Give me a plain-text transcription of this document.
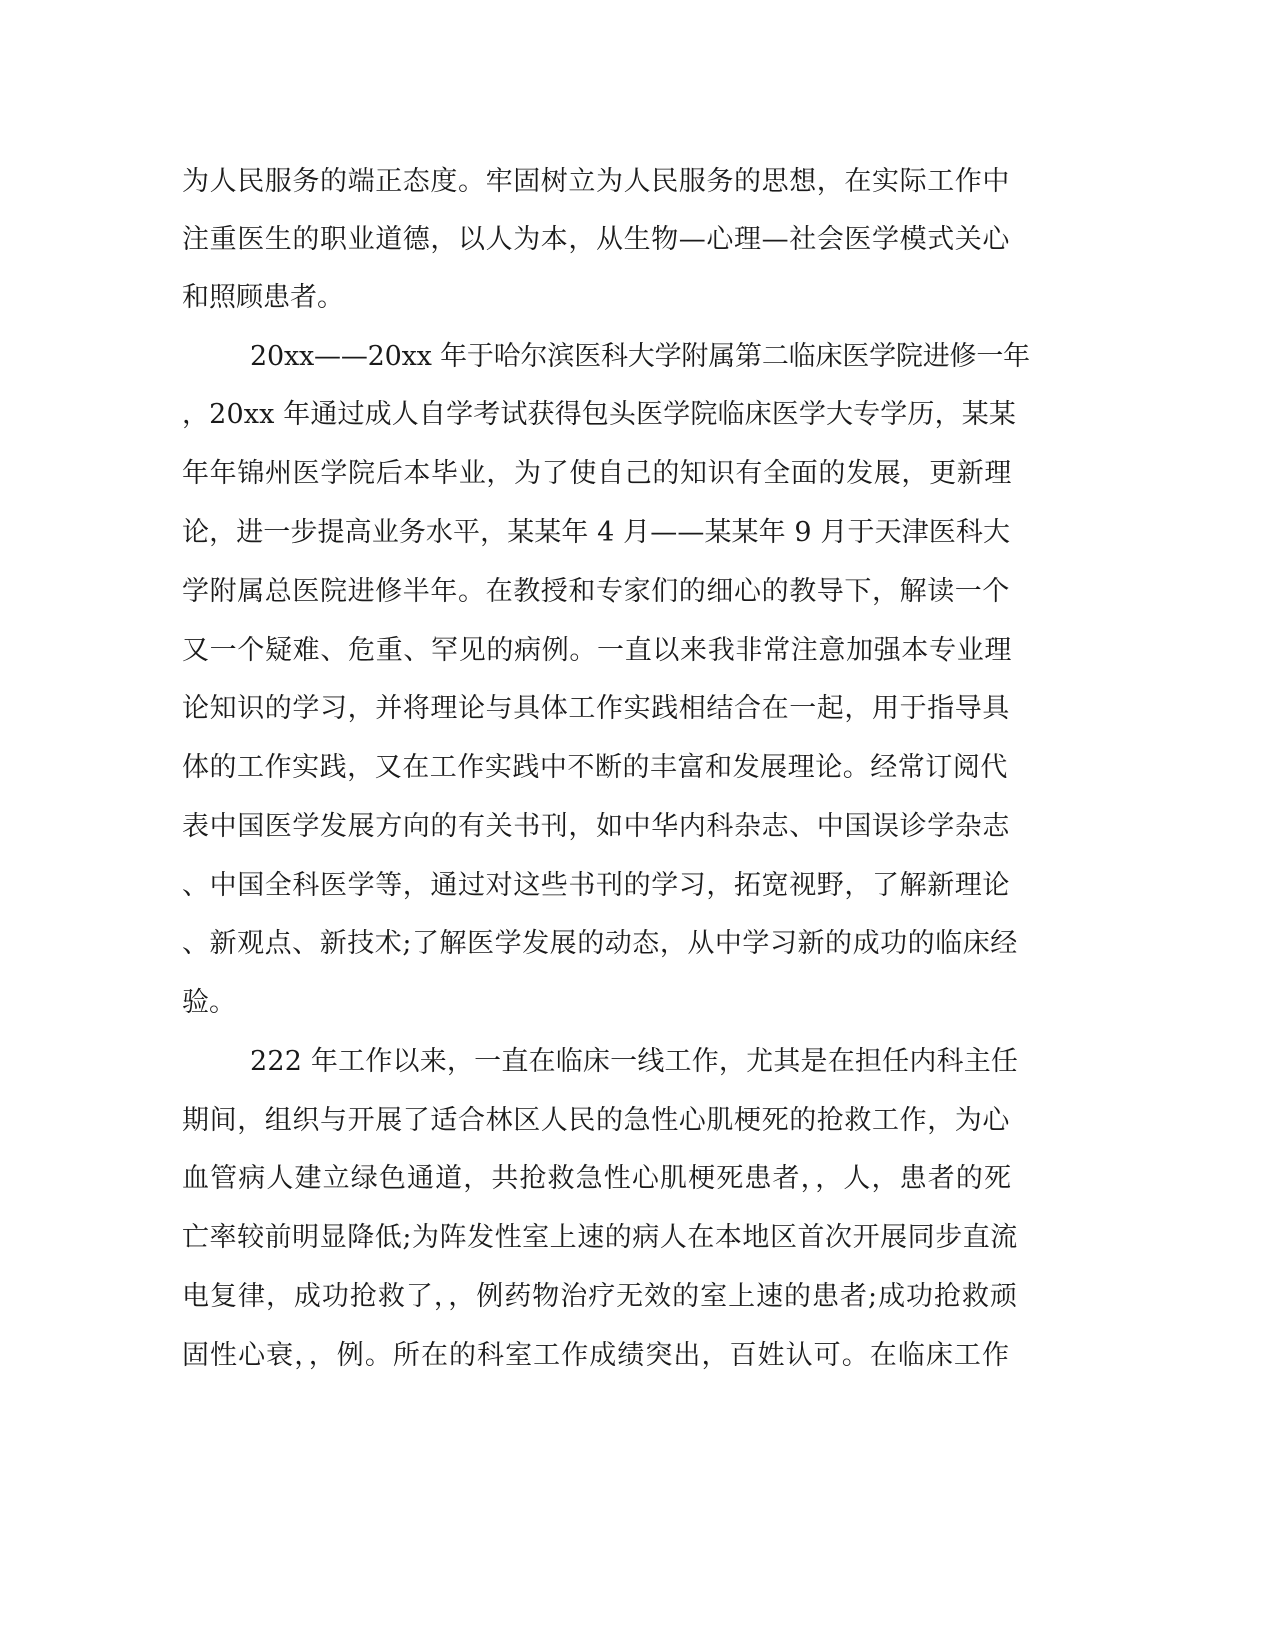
为人民服务的端正态度。牢固树立为人民服务的思想，在实际工作中

注重医生的职业道德，以人为本，从生物—心理—社会医学模式关心

和照顾患者。

20xx——20xx 年于哈尔滨医科大学附属第二临床医学院进修一年

，20xx 年通过成人自学考试获得包头医学院临床医学大专学历，某某

年年锦州医学院后本毕业，为了使自己的知识有全面的发展，更新理

论，进一步提高业务水平，某某年 4 月——某某年 9 月于天津医科大

学附属总医院进修半年。在教授和专家们的细心的教导下，解读一个

又一个疑难、危重、罕见的病例。一直以来我非常注意加强本专业理

论知识的学习，并将理论与具体工作实践相结合在一起，用于指导具

体的工作实践，又在工作实践中不断的丰富和发展理论。经常订阅代

表中国医学发展方向的有关书刊，如中华内科杂志、中国误诊学杂志

、中国全科医学等，通过对这些书刊的学习，拓宽视野，了解新理论

、新观点、新技术;了解医学发展的动态，从中学习新的成功的临床经

验。

222 年工作以来，一直在临床一线工作，尤其是在担任内科主任

期间，组织与开展了适合林区人民的急性心肌梗死的抢救工作，为心

血管病人建立绿色通道，共抢救急性心肌梗死患者，，人，患者的死

亡率较前明显降低;为阵发性室上速的病人在本地区首次开展同步直流

电复律，成功抢救了，，例药物治疗无效的室上速的患者;成功抢救顽

固性心衰，，例。所在的科室工作成绩突出，百姓认可。在临床工作
